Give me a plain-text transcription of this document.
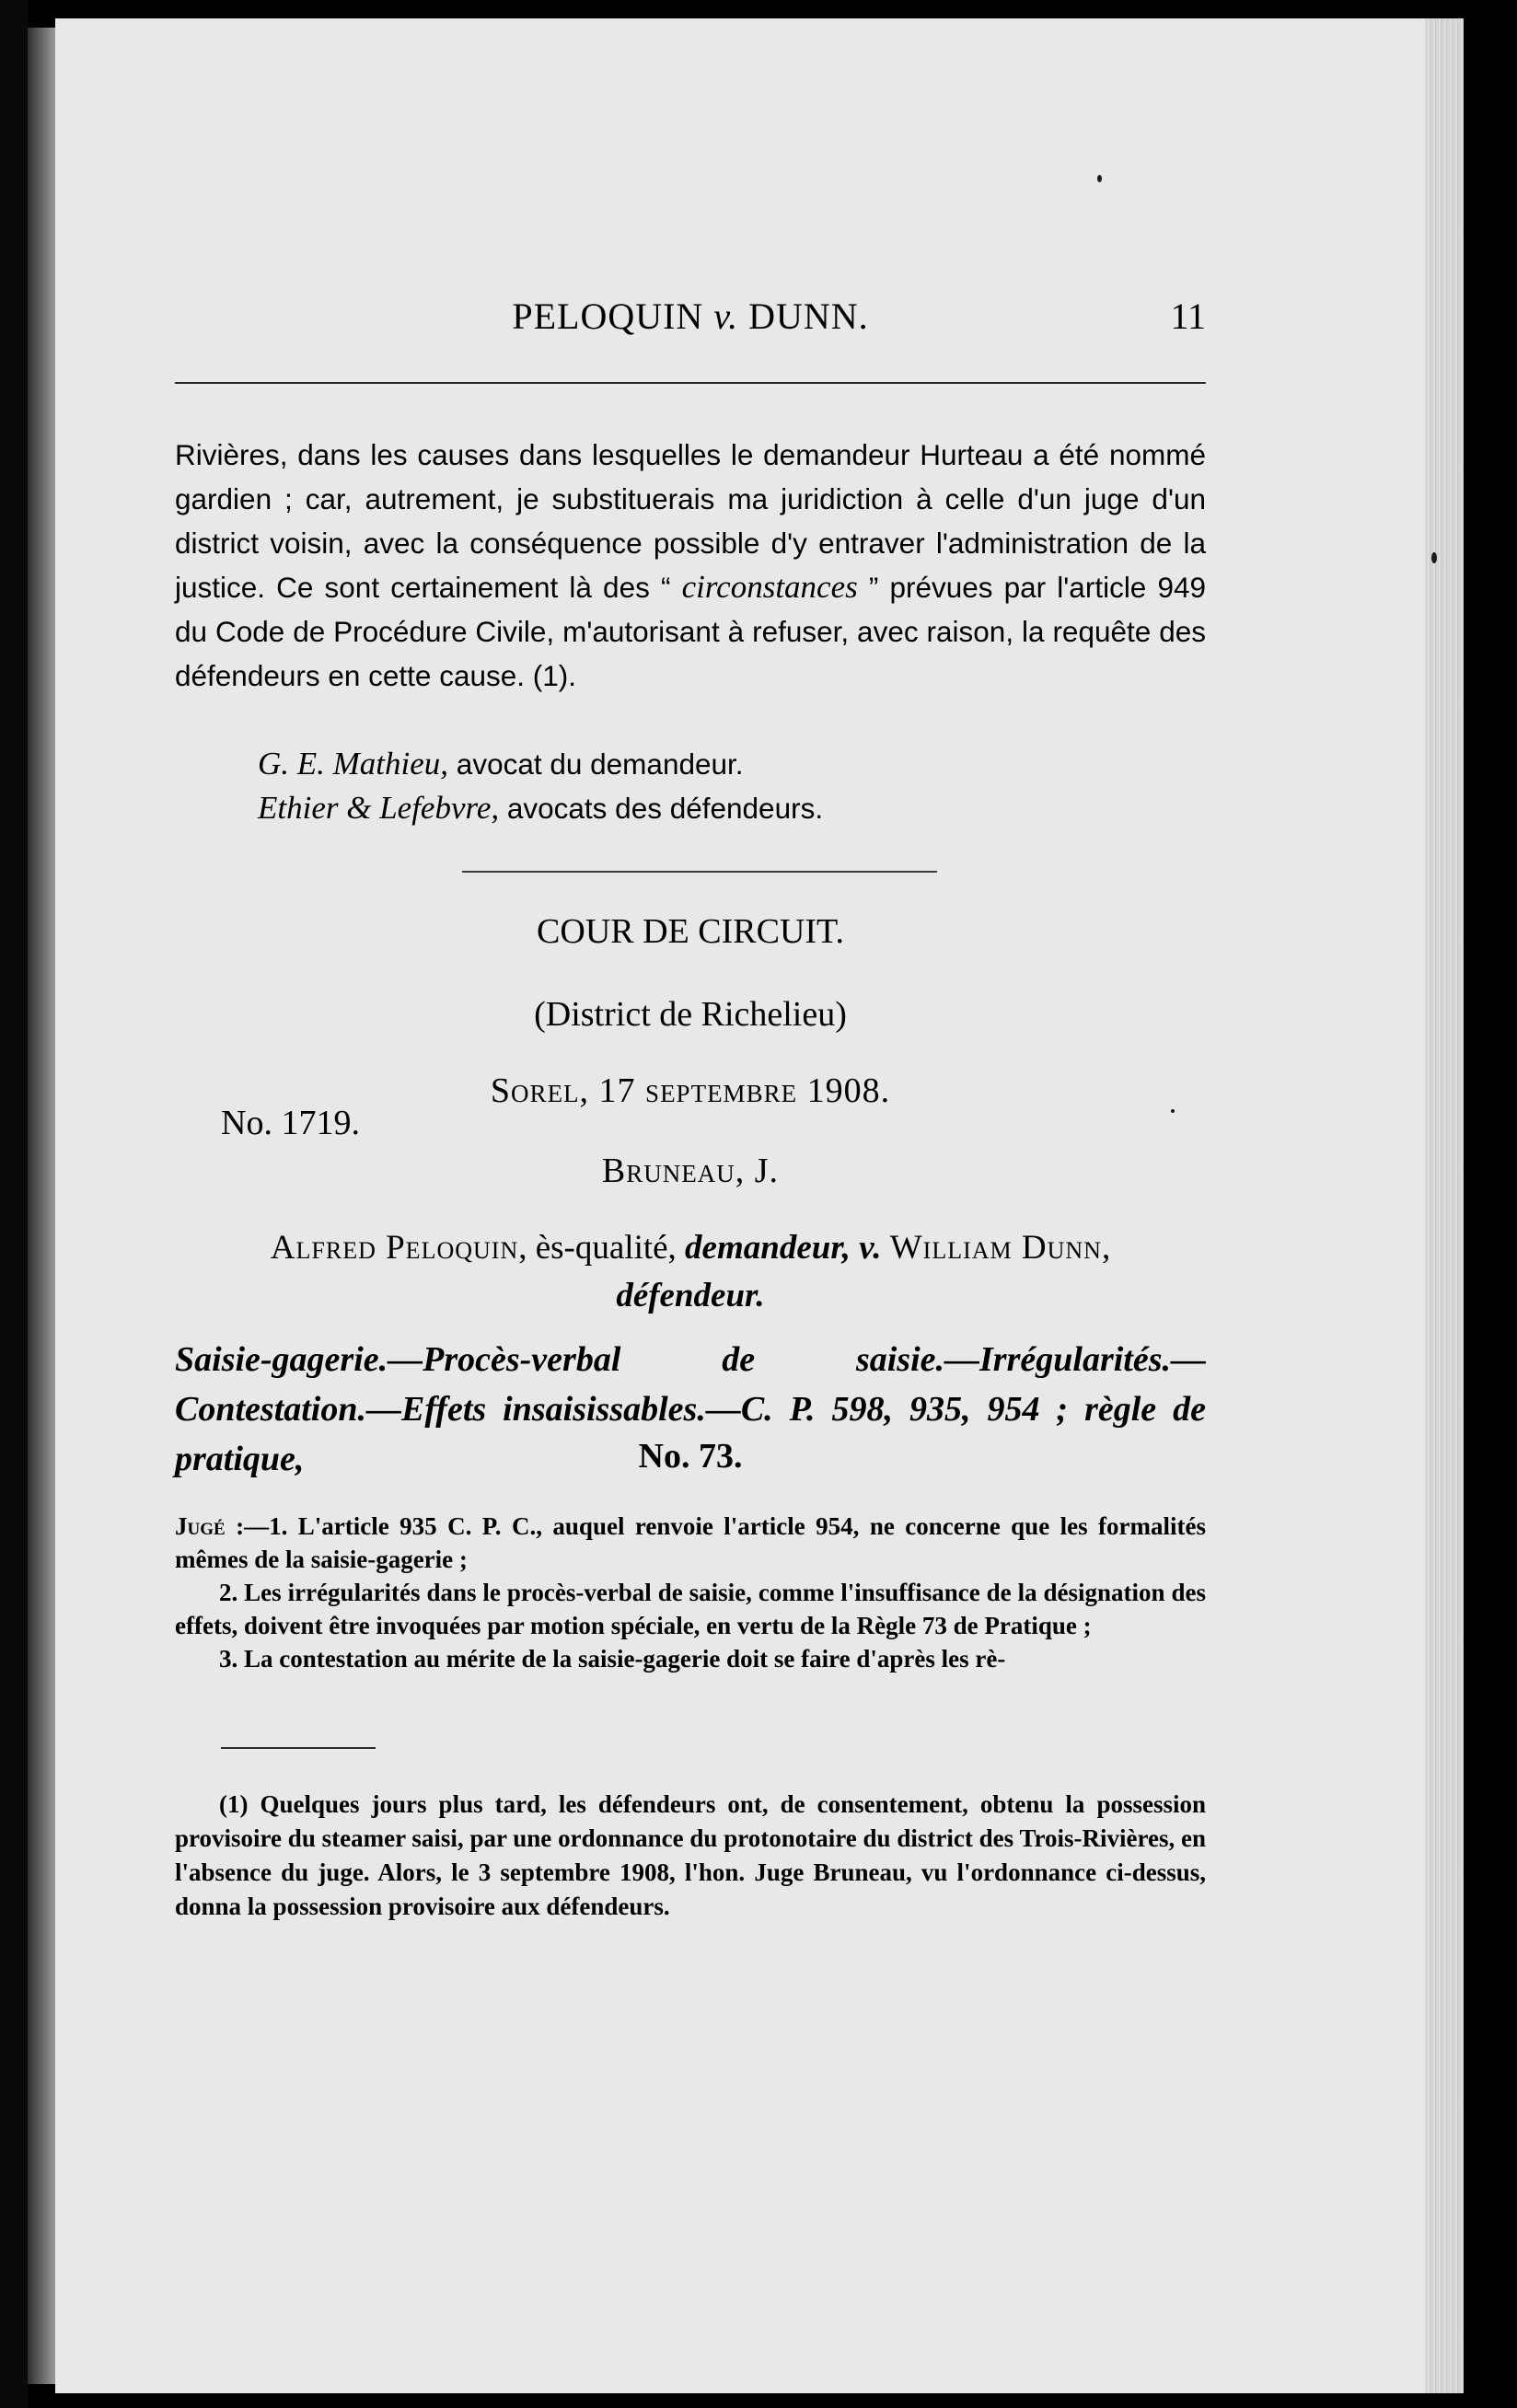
PELOQUIN v. DUNN.	11
Rivières, dans les causes dans lesquelles le demandeur Hurteau a été nommé gardien ; car, autrement, je substituerais ma juridiction à celle d'un juge d'un district voisin, avec la conséquence possible d'y entraver l'administration de la justice. Ce sont certainement là des “ circonstances ” prévues par l'article 949 du Code de Procédure Civile, m'autorisant à refuser, avec raison, la requête des défendeurs en cette cause. (1).
G. E. Mathieu, avocat du demandeur.
Ethier & Lefebvre, avocats des défendeurs.
COUR DE CIRCUIT.
(District de Richelieu)
Sorel, 17 septembre 1908.
No. 1719.
Bruneau, J.
Alfred Peloquin, ès-qualité, demandeur, v. William Dunn,
défendeur.
Saisie-gagerie.—Procès-verbal de saisie.—Irrégularités.—Contestation.—Effets insaisissables.—C. P. 598, 935, 954 ; règle de pratique,	No. 73.

Jugé :—1. L'article 935 C. P. C., auquel renvoie l'article 954, ne concerne que les formalités mêmes de la saisie-gagerie ;

2. Les irrégularités dans le procès-verbal de saisie, comme l'insuffisance de la désignation des effets, doivent être invoquées par motion spéciale, en vertu de la Règle 73 de Pratique ;

3. La contestation au mérite de la saisie-gagerie doit se faire d'après les rè-

(1) Quelques jours plus tard, les défendeurs ont, de consentement, obtenu la possession provisoire du steamer saisi, par une ordonnance du protonotaire du district des Trois-Rivières, en l'absence du juge. Alors, le 3 septembre 1908, l'hon. Juge Bruneau, vu l'ordonnance ci-dessus, donna la possession provisoire aux défendeurs.
